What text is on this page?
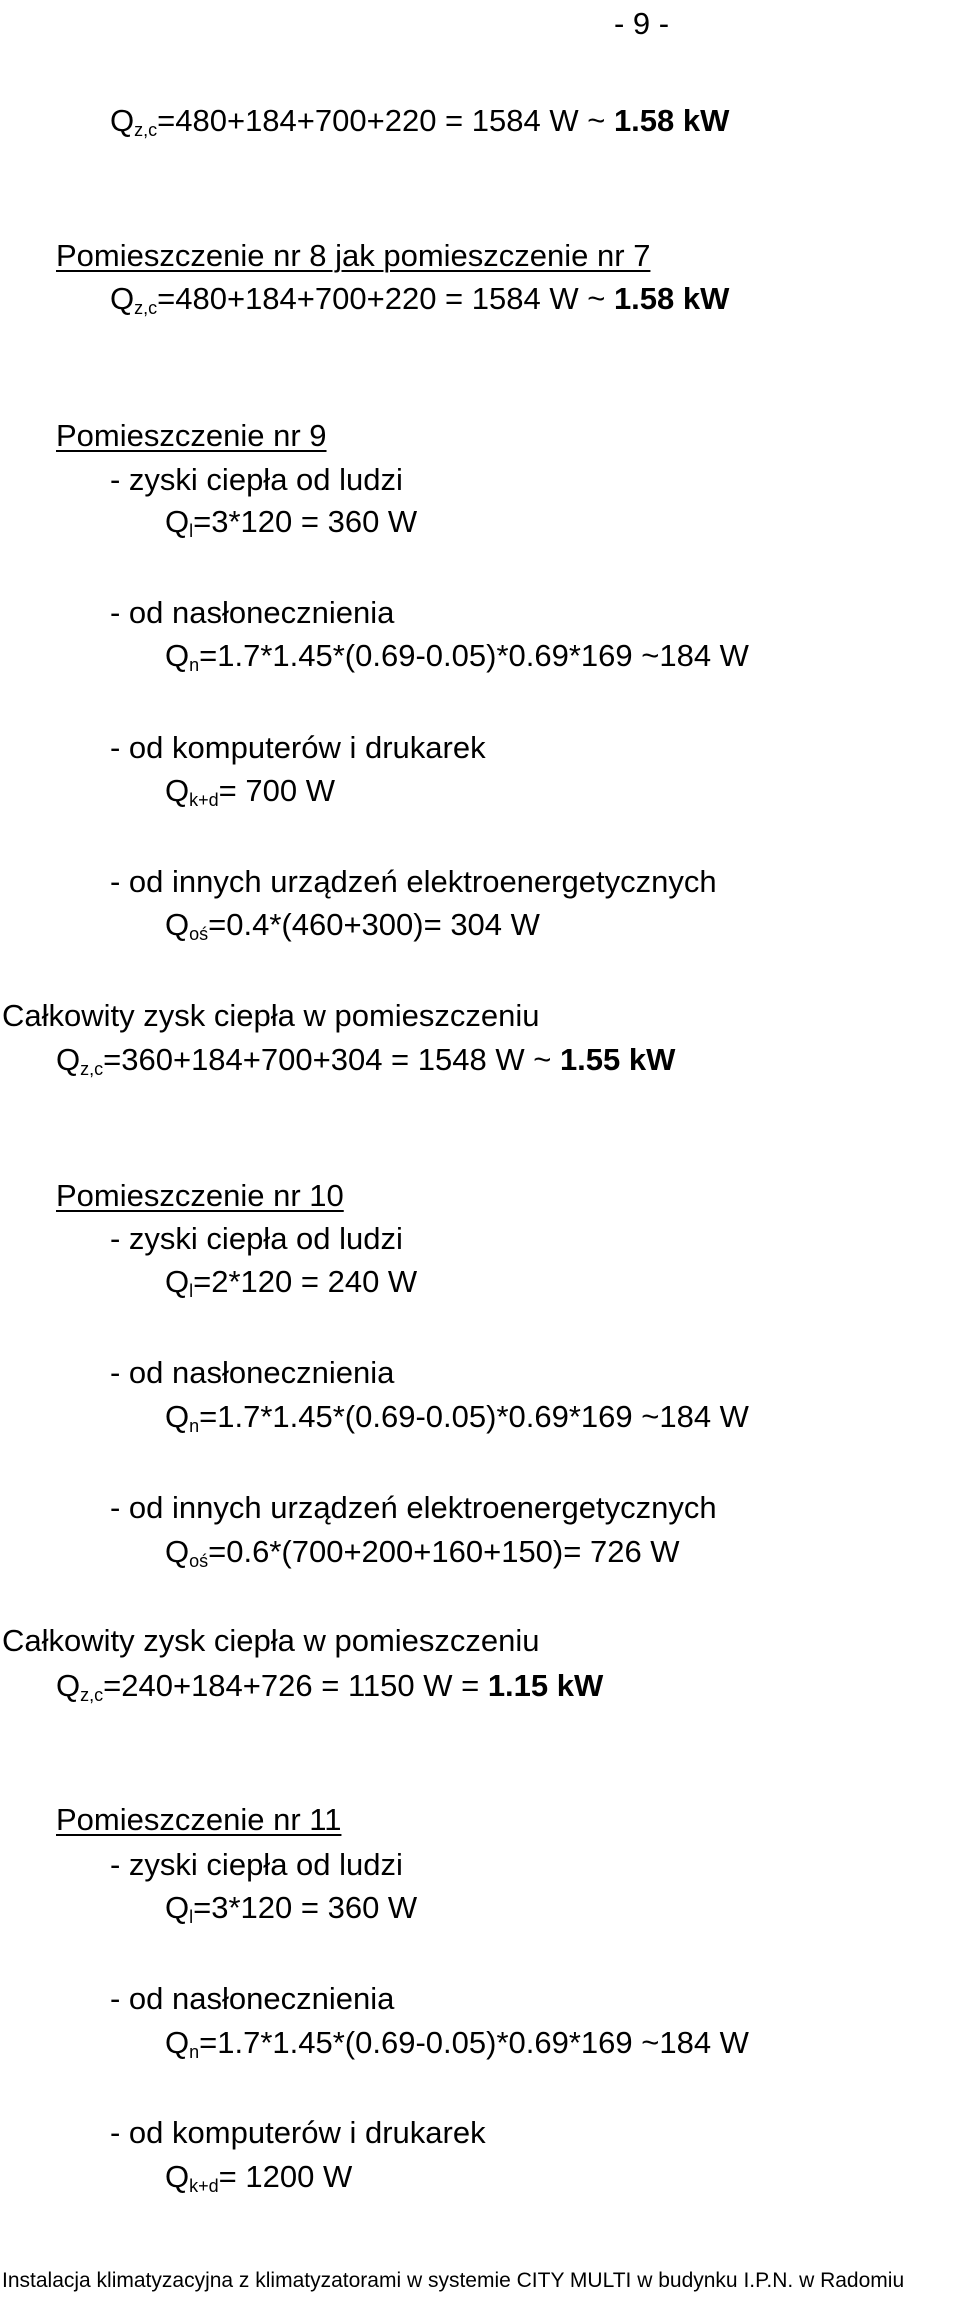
- 9 -
$Q_{z,c}=480+184+700+220 = 1584$ W ~ 1.58 kW
Pomieszczenie nr 8 jak pomieszczenie nr 7
$Q_{z,c}=480+184+700+220 = 1584$ W ~ 1.58 kW
Pomieszczenie nr 9
- zyski ciepła od ludzi
$Q_l=3*120 = 360$ W
- od nasłonecznienia
$Q_n=1.7*1.45*(0.69-0.05)*0.69*169$ ~184 W
- od komputerów i drukarek
$Q_{k+d}= 700$ W
- od innych urządzeń elektroenergetycznych
$Q_{oś}=0.4*(460+300)= 304$ W
Całkowity zysk ciepła w pomieszczeniu
$Q_{z,c}=360+184+700+304 = 1548$ W ~ 1.55 kW
Pomieszczenie nr 10
- zyski ciepła od ludzi
$Q_l=2*120 = 240$ W
- od nasłonecznienia
$Q_n=1.7*1.45*(0.69-0.05)*0.69*169$ ~184 W
- od innych urządzeń elektroenergetycznych
$Q_{oś}=0.6*(700+200+160+150)= 726$ W
Całkowity zysk ciepła w pomieszczeniu
$Q_{z,c}=240+184+726 = 1150$ W = 1.15 kW
Pomieszczenie nr 11
- zyski ciepła od ludzi
$Q_l=3*120 = 360$ W
- od nasłonecznienia
$Q_n=1.7*1.45*(0.69-0.05)*0.69*169$ ~184 W
- od komputerów i drukarek
$Q_{k+d}= 1200$ W
Instalacja klimatyzacyjna z klimatyzatorami w systemie CITY MULTI w budynku I.P.N. w Radomiu
